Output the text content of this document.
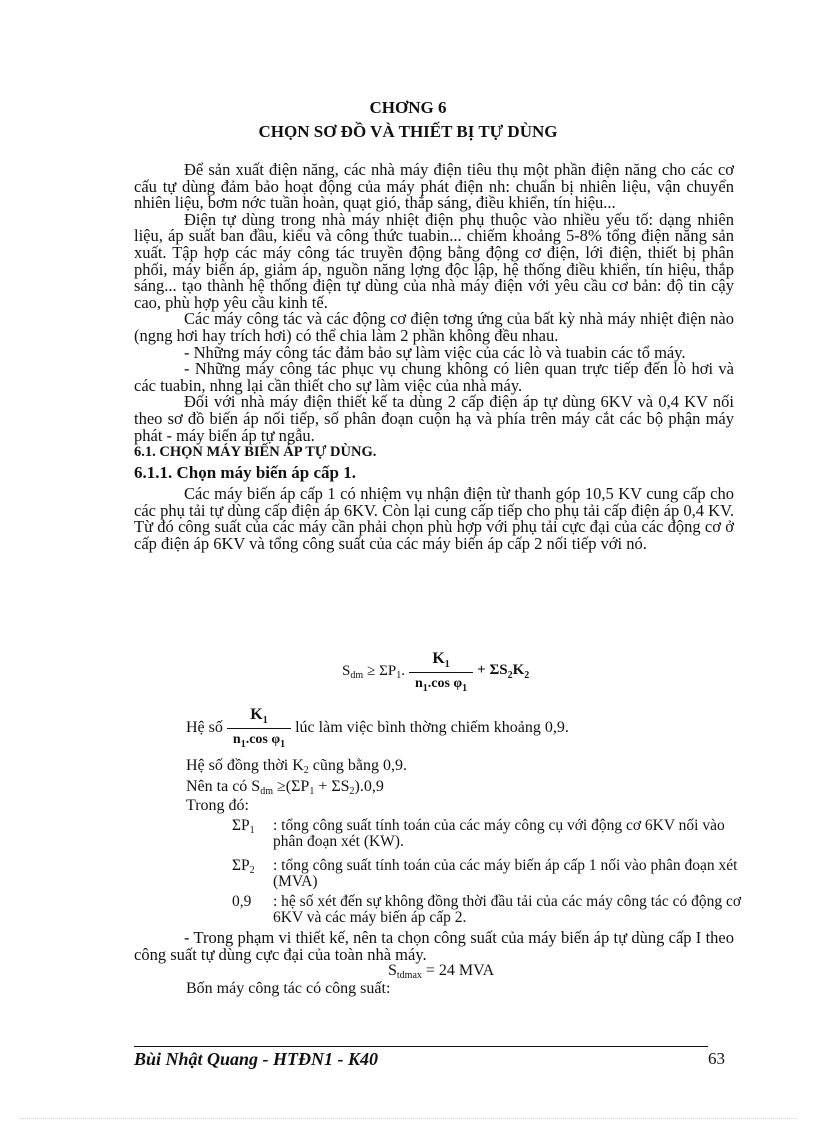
CHƠNG 6
CHỌN SƠ ĐỒ VÀ THIẾT BỊ TỰ DÙNG

Để sản xuất điện năng, các nhà máy điện tiêu thụ một phần điện năng cho các cơ cấu tự dùng đảm bảo hoạt động của máy phát điện nh: chuẩn bị nhiên liệu, vận chuyển nhiên liệu, bơm nớc tuần hoàn, quạt gió, thắp sáng, điều khiển, tín hiệu...

Điện tự dùng trong nhà máy nhiệt điện phụ thuộc vào nhiều yếu tố: dạng nhiên liệu, áp suất ban đầu, kiểu và công thức tuabin... chiếm khoảng 5-8% tổng điện năng sản xuất. Tập hợp các máy công tác truyền động bằng động cơ điện, lới điện, thiết bị phân phối, máy biến áp, giảm áp, nguồn năng lợng độc lập, hệ thống điều khiển, tín hiệu, thắp sáng... tạo thành hệ thống điện tự dùng của nhà máy điện với yêu cầu cơ bản: độ tin cậy cao, phù hợp yêu cầu kinh tế.

Các máy công tác và các động cơ điện tơng ứng của bất kỳ nhà máy nhiệt điện nào (ngng hơi hay trích hơi) có thể chia làm 2 phần không đều nhau.

- Những máy công tác đảm bảo sự làm việc của các lò và tuabin các tổ máy.

- Những máy công tác phục vụ chung không có liên quan trực tiếp đến lò hơi và các tuabin, nhng lại cần thiết cho sự làm việc của nhà máy.

Đối với nhà máy điện thiết kế ta dùng 2 cấp điện áp tự dùng 6KV và 0,4 KV nối theo sơ đồ biến áp nối tiếp, số phân đoạn cuộn hạ và phía trên máy cắt các bộ phận máy phát - máy biến áp tự ngẫu.

6.1. CHỌN MÁY BIẾN ÁP TỰ DÙNG.

6.1.1. Chọn máy biến áp cấp 1.

Các máy biến áp cấp 1 có nhiệm vụ nhận điện từ thanh góp 10,5 KV cung cấp cho các phụ tải tự dùng cấp điện áp 6KV. Còn lại cung cấp tiếp cho phụ tải cấp điện áp 0,4 KV. Từ đó công suất của các máy cần phải chọn phù hợp với phụ tải cực đại của các động cơ ở cấp điện áp 6KV và tổng công suất của các máy biến áp cấp 2 nối tiếp với nó.

$S_{dm} \ge \Sigma P_1$. $\frac{K_1}{n_1.\cos \varphi_1} + \Sigma S_2K_2$
Hệ số $\frac{K_1}{n_1.\cos \varphi_1}$ lúc làm việc bình thờng chiếm khoảng 0,9.
Hệ số đồng thời $K_2$ cũng bằng 0,9.
Nên ta có $S_{dm} \ge(\Sigma P_1 + \Sigma S_2).0,9$
Trong đó:

$\Sigma P_1$ : tổng công suất tính toán của các máy công cụ với động cơ 6KV nối vào phân đoạn xét (KW).

$\Sigma P_2$ : tổng công suất tính toán của các máy biến áp cấp 1 nối vào phân đoạn xét (MVA)

0,9 : hệ số xét đến sự không đồng thời đầu tải của các máy công tác có động cơ 6KV và các máy biến áp cấp 2.

- Trong phạm vi thiết kế, nên ta chọn công suất của máy biến áp tự dùng cấp I theo công suất tự dùng cực đại của toàn nhà máy.

$S_{tdmax} = 24$ MVA
Bốn máy công tác có công suất:
Bùi Nhật Quang - HTĐN1 - K40	63
